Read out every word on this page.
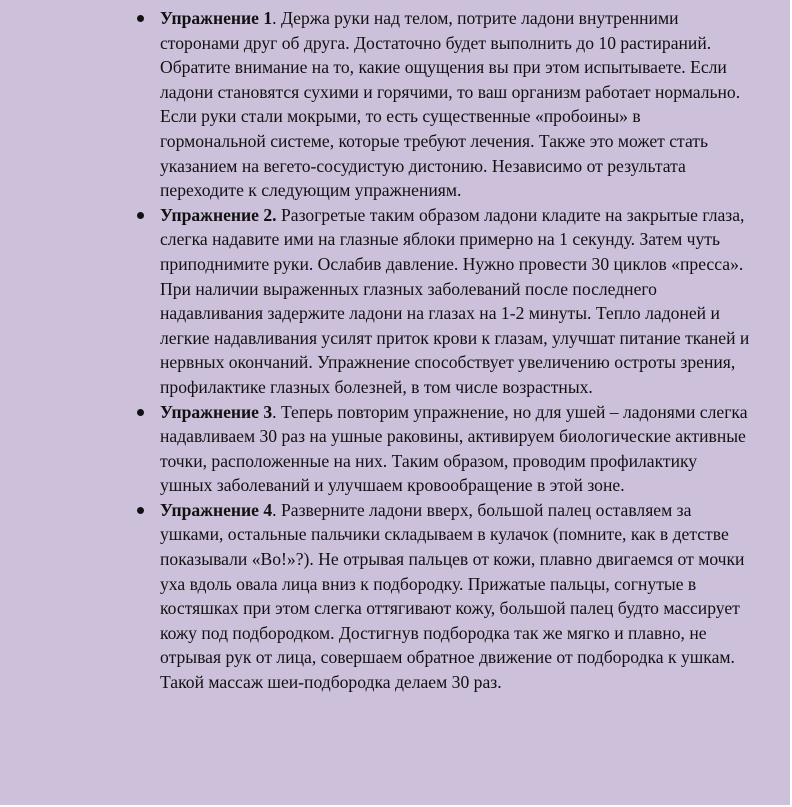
Упражнение 1. Держа руки над телом, потрите ладони внутренними сторонами друг об друга. Достаточно будет выполнить до 10 растираний. Обратите внимание на то, какие ощущения вы при этом испытываете. Если ладони становятся сухими и горячими, то ваш организм работает нормально. Если руки стали мокрыми, то есть существенные «пробоины» в гормональной системе, которые требуют лечения. Также это может стать указанием на вегето-сосудистую дистонию. Независимо от результата переходите к следующим упражнениям.
Упражнение 2. Разогретые таким образом ладони кладите на закрытые глаза, слегка надавите ими на глазные яблоки примерно на 1 секунду. Затем чуть приподнимите руки. Ослабив давление. Нужно провести 30 циклов «пресса». При наличии выраженных глазных заболеваний после последнего надавливания задержите ладони на глазах на 1-2 минуты. Тепло ладоней и легкие надавливания усилят приток крови к глазам, улучшат питание тканей и нервных окончаний. Упражнение способствует увеличению остроты зрения, профилактике глазных болезней, в том числе возрастных.
Упражнение 3. Теперь повторим упражнение, но для ушей – ладонями слегка надавливаем 30 раз на ушные раковины, активируем биологические активные точки, расположенные на них. Таким образом, проводим профилактику ушных заболеваний и улучшаем кровообращение в этой зоне.
Упражнение 4. Разверните ладони вверх, большой палец оставляем за ушками, остальные пальчики складываем в кулачок (помните, как в детстве показывали «Во!»?). Не отрывая пальцев от кожи, плавно двигаемся от мочки уха вдоль овала лица вниз к подбородку. Прижатые пальцы, согнутые в костяшках при этом слегка оттягивают кожу, большой палец будто массирует кожу под подбородком. Достигнув подбородка так же мягко и плавно, не отрывая рук от лица, совершаем обратное движение от подбородка к ушкам. Такой массаж шеи-подбородка делаем 30 раз.
